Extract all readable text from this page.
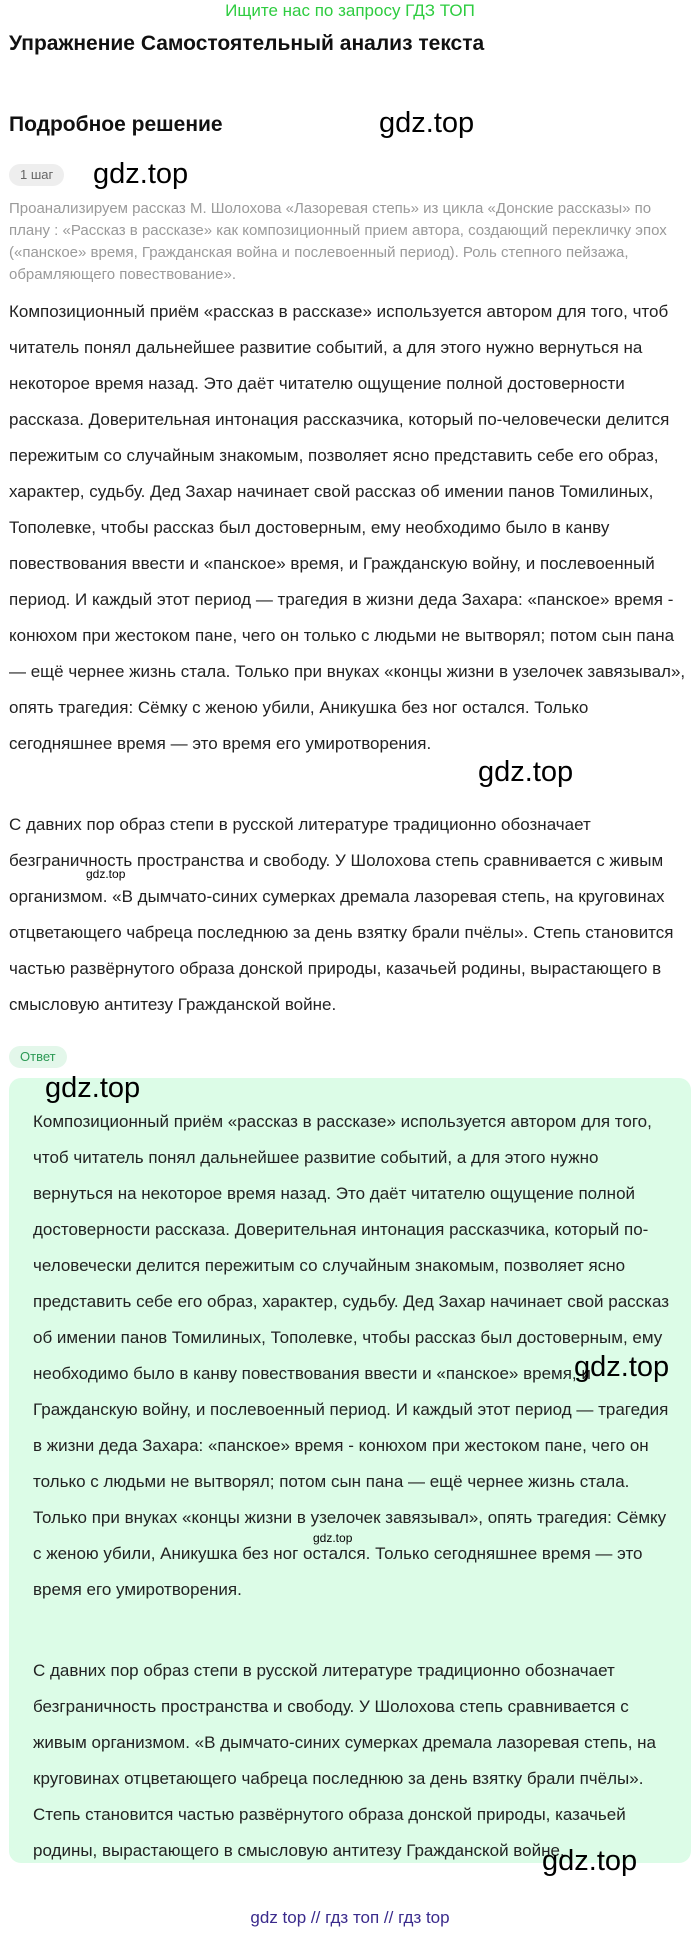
Ищите нас по запросу ГДЗ ТОП
Упражнение Самостоятельный анализ текста
Подробное решение	gdz.top
1 шаг	gdz.top

Проанализируем рассказ М. Шолохова «Лазоревая степь» из цикла «Донские рассказы» по плану : «Рассказ в рассказе» как композиционный прием автора, создающий перекличку эпох («панское» время, Гражданская война и послевоенный период). Роль степного пейзажа, обрамляющего повествование».

Композиционный приём «рассказ в рассказе» используется автором для того, чтоб читатель понял дальнейшее развитие событий, а для этого нужно вернуться на некоторое время назад. Это даёт читателю ощущение полной достоверности рассказа. Доверительная интонация рассказчика, который по-человечески делится пережитым со случайным знакомым, позволяет ясно представить себе его образ, характер, судьбу. Дед Захар начинает свой рассказ об имении панов Томилиных, Тополевке, чтобы рассказ был достоверным, ему необходимо было в канву повествования ввести и «панское» время, и Гражданскую войну, и послевоенный период. И каждый этот период — трагедия в жизни деда Захара: «панское» время - конюхом при жестоком пане, чего он только с людьми не вытворял; потом сын пана — ещё чернее жизнь стала. Только при внуках «концы жизни в узелочек завязывал», опять трагедия: Сёмку с женою убили, Аникушка без ног остался. Только сегодняшнее время — это время его умиротворения.

gdz.top

С давних пор образ степи в русской литературе традиционно обозначает безграничность пространства и свободу. У Шолохова степь сравнивается с живым организмом. «В дымчато-синих сумерках дремала лазоревая степь, на круговинах отцветающего чабреца последнюю за день взятку брали пчёлы». Степь становится частью развёрнутого образа донской природы, казачьей родины, вырастающего в смысловую антитезу Гражданской войне.

gdz.top
Ответ
gdz.top

Композиционный приём «рассказ в рассказе» используется автором для того, чтоб читатель понял дальнейшее развитие событий, а для этого нужно вернуться на некоторое время назад. Это даёт читателю ощущение полной достоверности рассказа. Доверительная интонация рассказчика, который по-человечески делится пережитым со случайным знакомым, позволяет ясно представить себе его образ, характер, судьбу. Дед Захар начинает свой рассказ об имении панов Томилиных, Тополевке, чтобы рассказ был достоверным, ему необходимо было в канву повествования ввести и «панское» время, и Гражданскую войну, и послевоенный период. И каждый этот период — трагедия в жизни деда Захара: «панское» время - конюхом при жестоком пане, чего он только с людьми не вытворял; потом сын пана — ещё чернее жизнь стала. Только при внуках «концы жизни в узелочек завязывал», опять трагедия: Сёмку с женою убили, Аникушка без ног остался. Только сегодняшнее время — это время его умиротворения.

gdz.top
gdz.top

С давних пор образ степи в русской литературе традиционно обозначает безграничность пространства и свободу. У Шолохова степь сравнивается с живым организмом. «В дымчато-синих сумерках дремала лазоревая степь, на круговинах отцветающего чабреца последнюю за день взятку брали пчёлы». Степь становится частью развёрнутого образа донской природы, казачьей родины, вырастающего в смысловую антитезу Гражданской войне.

gdz.top
gdz top // гдз топ // гдз top
